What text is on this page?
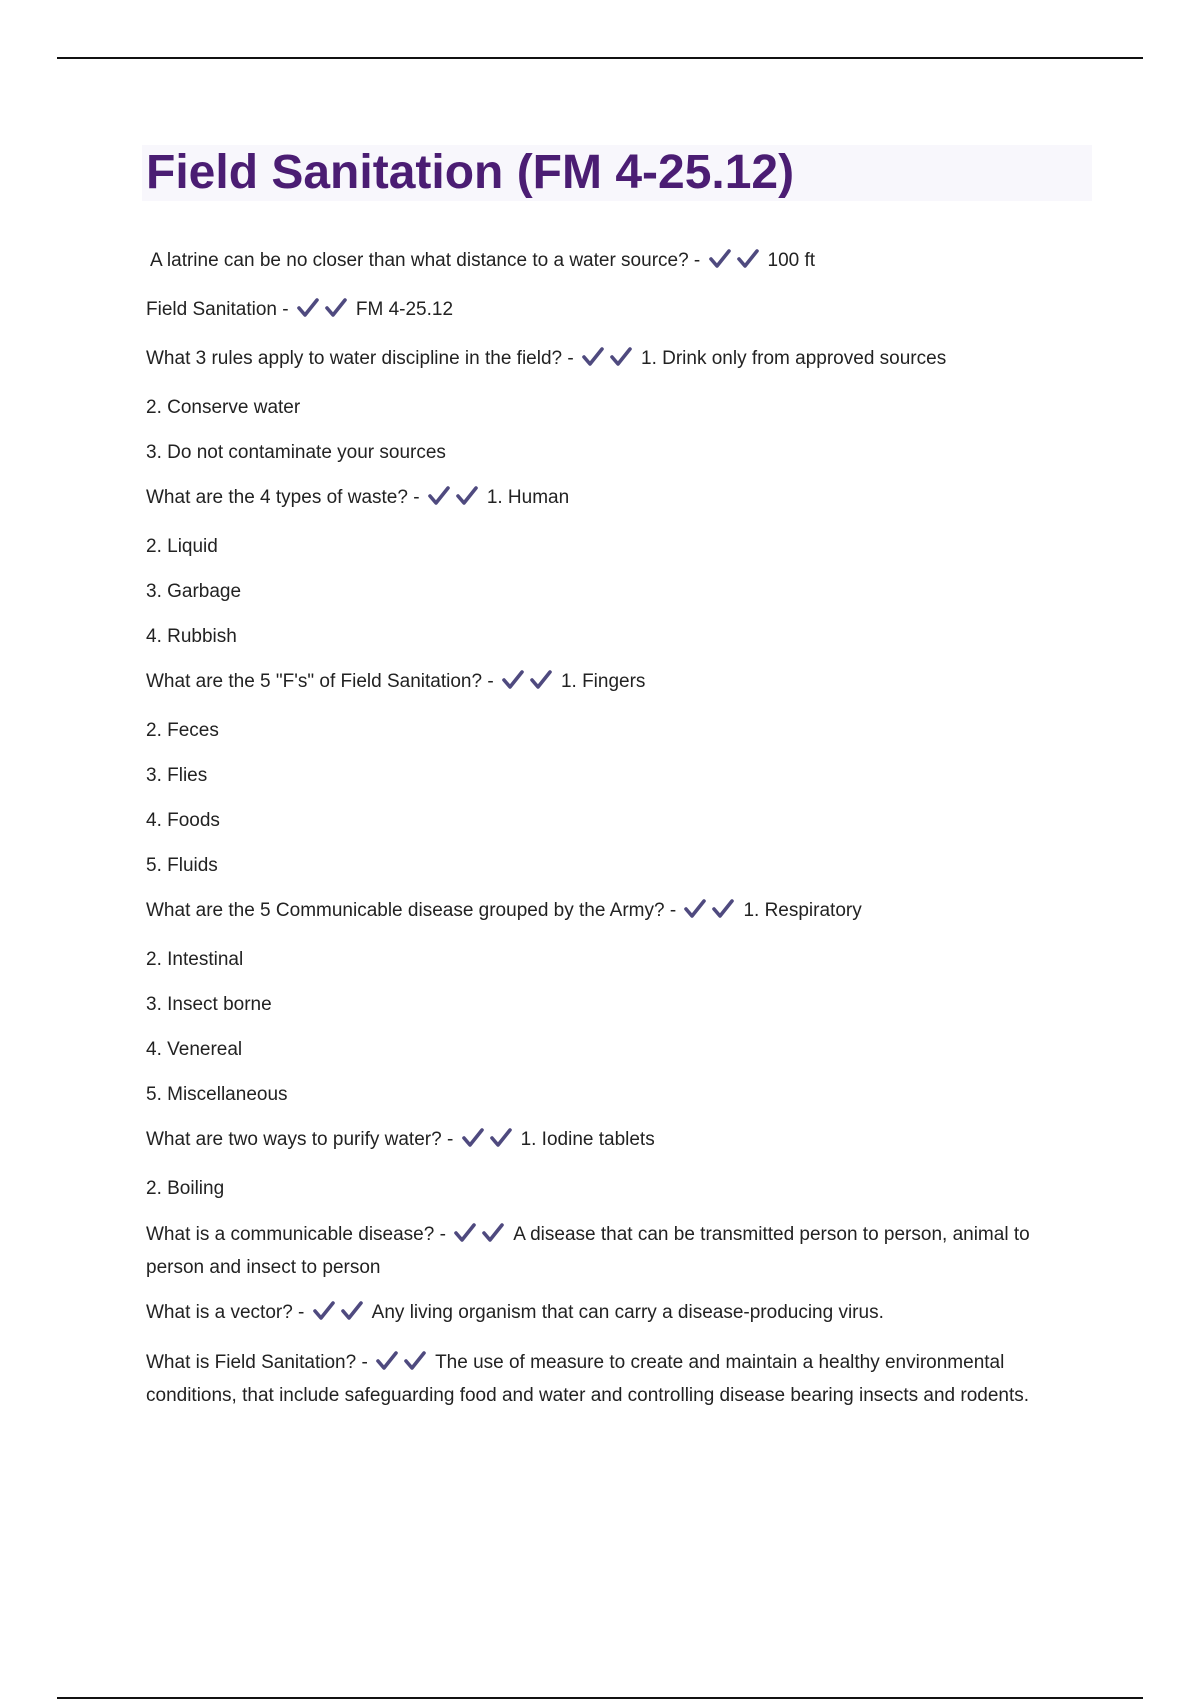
Field Sanitation (FM 4-25.12)
A latrine can be no closer than what distance to a water source? -	100 ft
Field Sanitation -	FM 4-25.12
What 3 rules apply to water discipline in the field? -	1. Drink only from approved sources
2. Conserve water
3. Do not contaminate your sources
What are the 4 types of waste? -	1. Human
2. Liquid
3. Garbage
4. Rubbish
What are the 5 "F's" of Field Sanitation? -	1. Fingers
2. Feces
3. Flies
4. Foods
5. Fluids
What are the 5 Communicable disease grouped by the Army? -	1. Respiratory
2. Intestinal
3. Insect borne
4. Venereal
5. Miscellaneous
What are two ways to purify water? -	1. Iodine tablets
2. Boiling
What is a communicable disease? -	A disease that can be transmitted person to person, animal to person and insect to person
What is a vector? -	Any living organism that can carry a disease-producing virus.
What is Field Sanitation? -	The use of measure to create and maintain a healthy environmental conditions, that include safeguarding food and water and controlling disease bearing insects and rodents.
